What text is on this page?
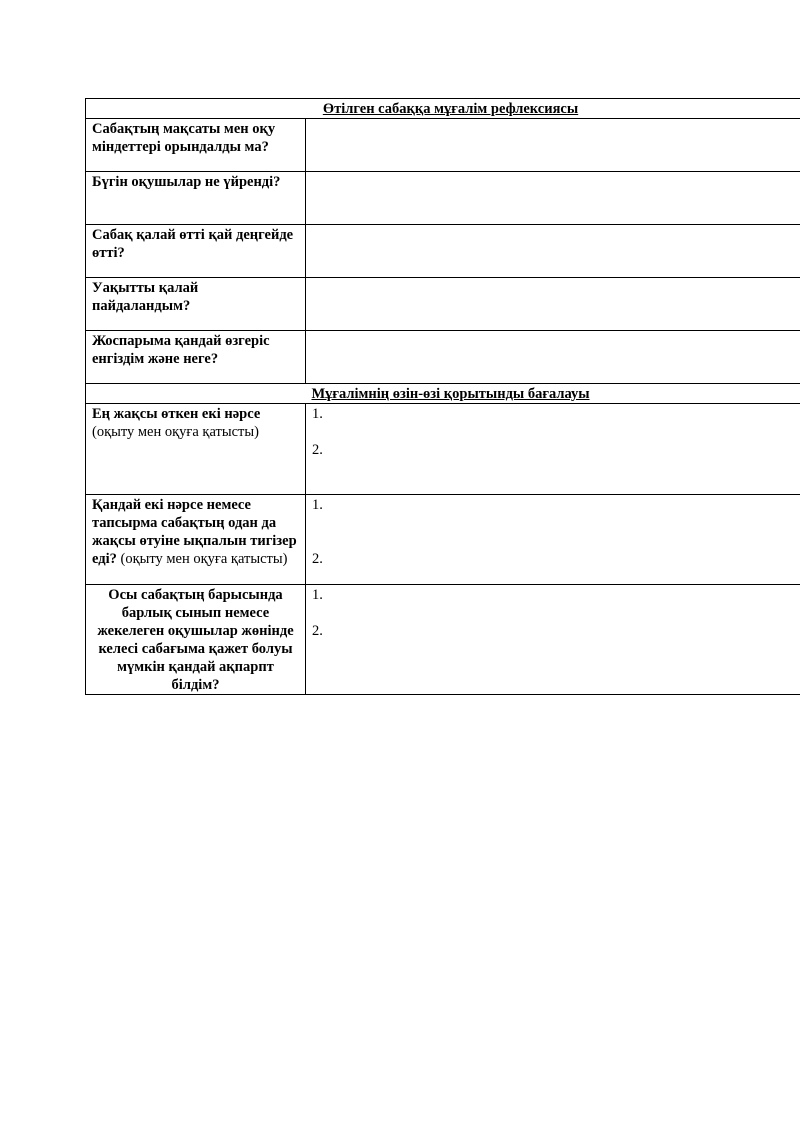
Өтілген сабаққа мұғалім рефлексиясы	
Сабақтың мақсаты мен оқу міндеттері орындалды ма?	
Бүгін оқушылар не үйренді?	
Сабақ қалай өтті қай деңгейде өтті?	
Уақытты қалай пайдаландым?	
Жоспарыма қандай өзгеріс енгіздім және неге?	
Мұғалімнің өзін-өзі қорытынды бағалауы	
Ең жақсы өткен екі нәрсе (оқыту мен оқуға қатысты)	1.
2.

Қандай екі нәрсе немесе тапсырма сабақтың одан да жақсы өтуіне ықпалын тигізер еді? (оқыту мен оқуға қатысты)	1.
2.

Осы сабақтың барысында барлық сынып немесе жекелеген оқушылар жөнінде келесі сабағыма қажет болуы мүмкін қандай ақпарпт білдім?	1.
2.
